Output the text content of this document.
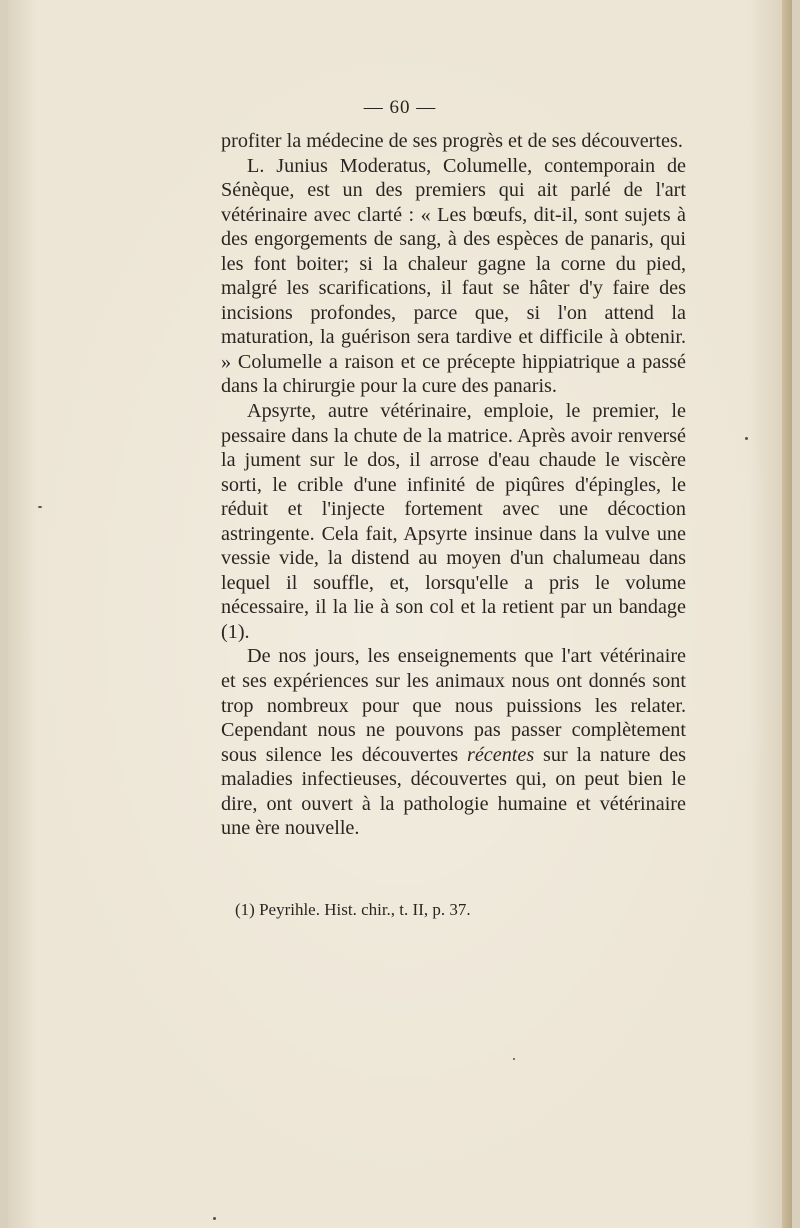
— 60 —

profiter la médecine de ses progrès et de ses découvertes.

L. Junius Moderatus, Columelle, contemporain de Sénèque, est un des premiers qui ait parlé de l'art vétérinaire avec clarté : « Les bœufs, dit-il, sont sujets à des engorgements de sang, à des espèces de panaris, qui les font boiter; si la chaleur gagne la corne du pied, malgré les scarifications, il faut se hâter d'y faire des incisions profondes, parce que, si l'on attend la maturation, la guérison sera tardive et difficile à obtenir. » Columelle a raison et ce précepte hippiatrique a passé dans la chirurgie pour la cure des panaris.

Apsyrte, autre vétérinaire, emploie, le premier, le pessaire dans la chute de la matrice. Après avoir renversé la jument sur le dos, il arrose d'eau chaude le viscère sorti, le crible d'une infinité de piqûres d'épingles, le réduit et l'injecte fortement avec une décoction astringente. Cela fait, Apsyrte insinue dans la vulve une vessie vide, la distend au moyen d'un chalumeau dans lequel il souffle, et, lorsqu'elle a pris le volume nécessaire, il la lie à son col et la retient par un bandage (1).

De nos jours, les enseignements que l'art vétérinaire et ses expériences sur les animaux nous ont donnés sont trop nombreux pour que nous puissions les relater. Cependant nous ne pouvons pas passer complètement sous silence les découvertes récentes sur la nature des maladies infectieuses, découvertes qui, on peut bien le dire, ont ouvert à la pathologie humaine et vétérinaire une ère nouvelle.

(1) Peyrihle. Hist. chir., t. II, p. 37.
